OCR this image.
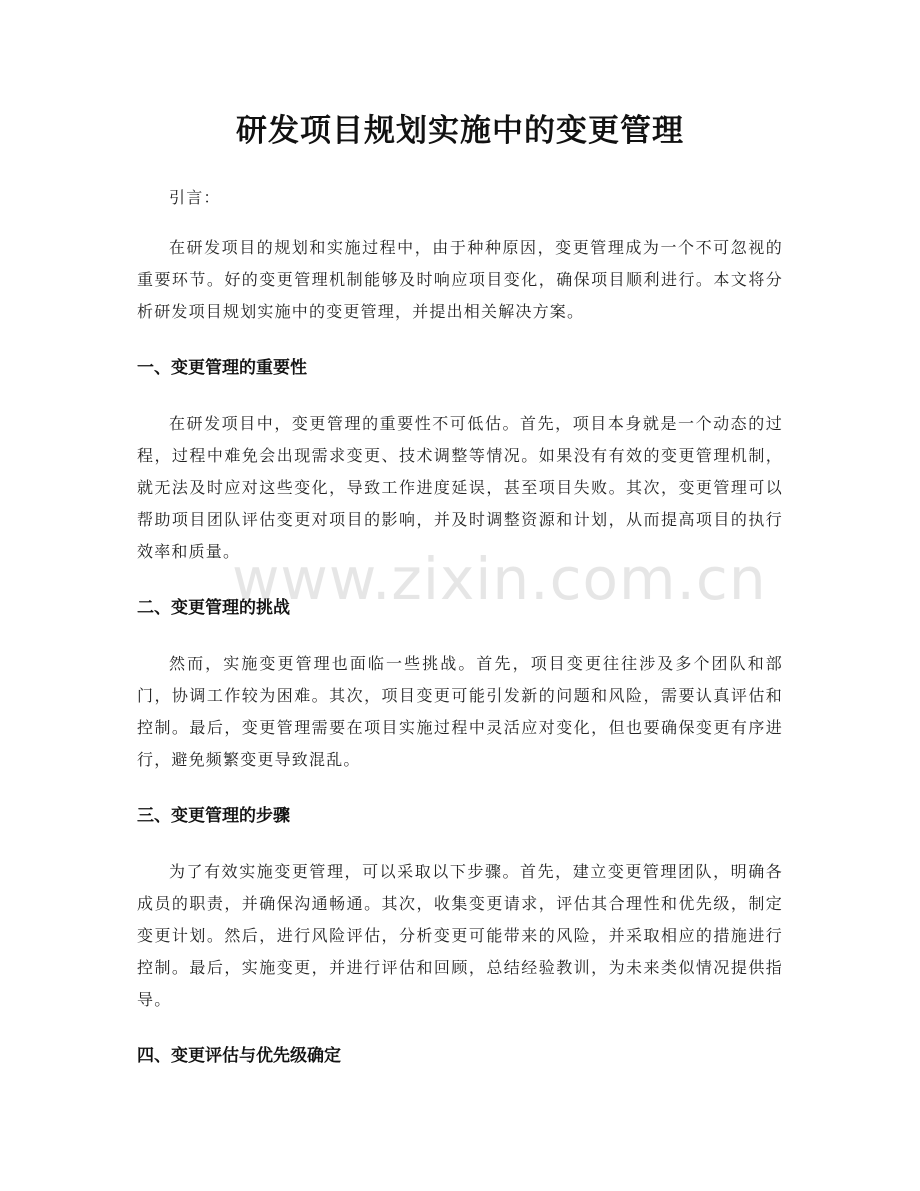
研发项目规划实施中的变更管理

引言：

在研发项目的规划和实施过程中，由于种种原因，变更管理成为一个不可忽视的重要环节。好的变更管理机制能够及时响应项目变化，确保项目顺利进行。本文将分析研发项目规划实施中的变更管理，并提出相关解决方案。

一、变更管理的重要性

在研发项目中，变更管理的重要性不可低估。首先，项目本身就是一个动态的过程，过程中难免会出现需求变更、技术调整等情况。如果没有有效的变更管理机制，就无法及时应对这些变化，导致工作进度延误，甚至项目失败。其次，变更管理可以帮助项目团队评估变更对项目的影响，并及时调整资源和计划，从而提高项目的执行效率和质量。

二、变更管理的挑战

然而，实施变更管理也面临一些挑战。首先，项目变更往往涉及多个团队和部门，协调工作较为困难。其次，项目变更可能引发新的问题和风险，需要认真评估和控制。最后，变更管理需要在项目实施过程中灵活应对变化，但也要确保变更有序进行，避免频繁变更导致混乱。

三、变更管理的步骤

为了有效实施变更管理，可以采取以下步骤。首先，建立变更管理团队，明确各成员的职责，并确保沟通畅通。其次，收集变更请求，评估其合理性和优先级，制定变更计划。然后，进行风险评估，分析变更可能带来的风险，并采取相应的措施进行控制。最后，实施变更，并进行评估和回顾，总结经验教训，为未来类似情况提供指导。

四、变更评估与优先级确定
www.zixin.com.cn
